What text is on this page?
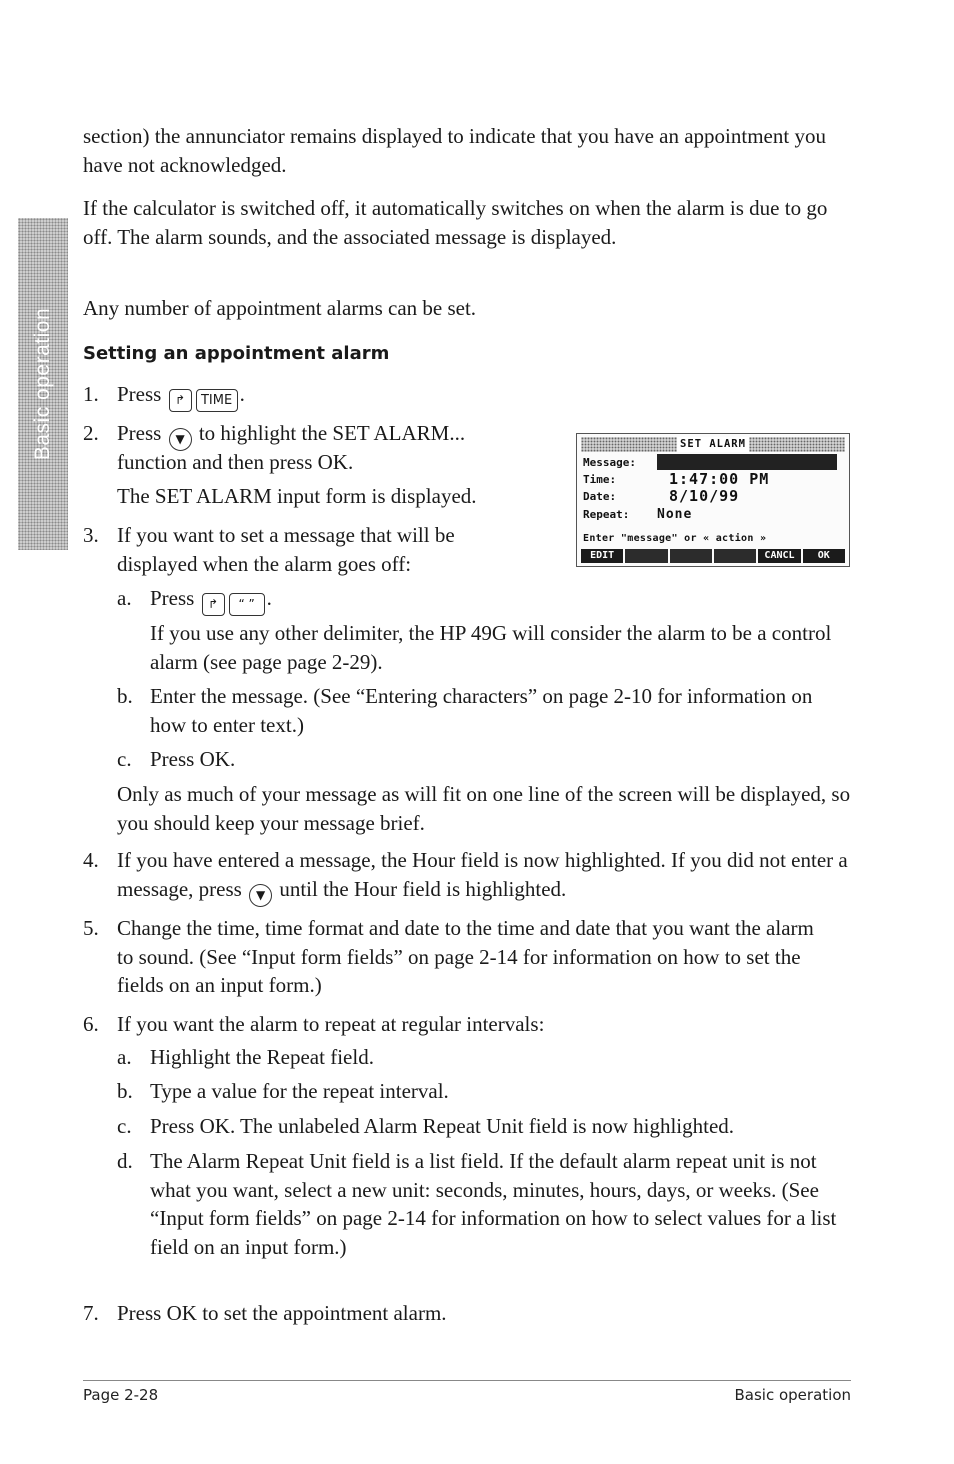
Basic operation

section) the annunciator remains displayed to indicate that you have an appointment you have not acknowledged.

If the calculator is switched off, it automatically switches on when the alarm is due to go off. The alarm sounds, and the associated message is displayed.

Any number of appointment alarms can be set.

Setting an appointment alarm
1. Press ↱ TIME .
2. Press ▼ to highlight the SET ALARM...
function and then press OK.
The SET ALARM input form is displayed.
SET ALARM
Message:
Time:	1:47:00 PM
Date:	8/10/99
Repeat: None
Enter "message" or « action »
EDIT	CANCL	OK
3. If you want to set a message that will be

displayed when the alarm goes off:

a. Press ↱ “ ” .

If you use any other delimiter, the HP 49G will consider the alarm to be a control alarm (see page page 2-29).

b. Enter the message. (See “Entering characters” on page 2-10 for information on how to enter text.)

c. Press OK.

Only as much of your message as will fit on one line of the screen will be displayed, so you should keep your message brief.

4. If you have entered a message, the Hour field is now highlighted. If you did not enter a message, press ▼ until the Hour field is highlighted.
5. Change the time, time format and date to the time and date that you want the alarm to sound. (See “Input form fields” on page 2-14 for information on how to set the fields on an input form.)

6. If you want the alarm to repeat at regular intervals:

a. Highlight the Repeat field.

b. Type a value for the repeat interval.

c. Press OK. The unlabeled Alarm Repeat Unit field is now highlighted.
d. The Alarm Repeat Unit field is a list field. If the default alarm repeat unit is not what you want, select a new unit: seconds, minutes, hours, days, or weeks. (See “Input form fields” on page 2-14 for information on how to select values for a list field on an input form.)

7. Press OK to set the appointment alarm.
Page 2-28	Basic operation
